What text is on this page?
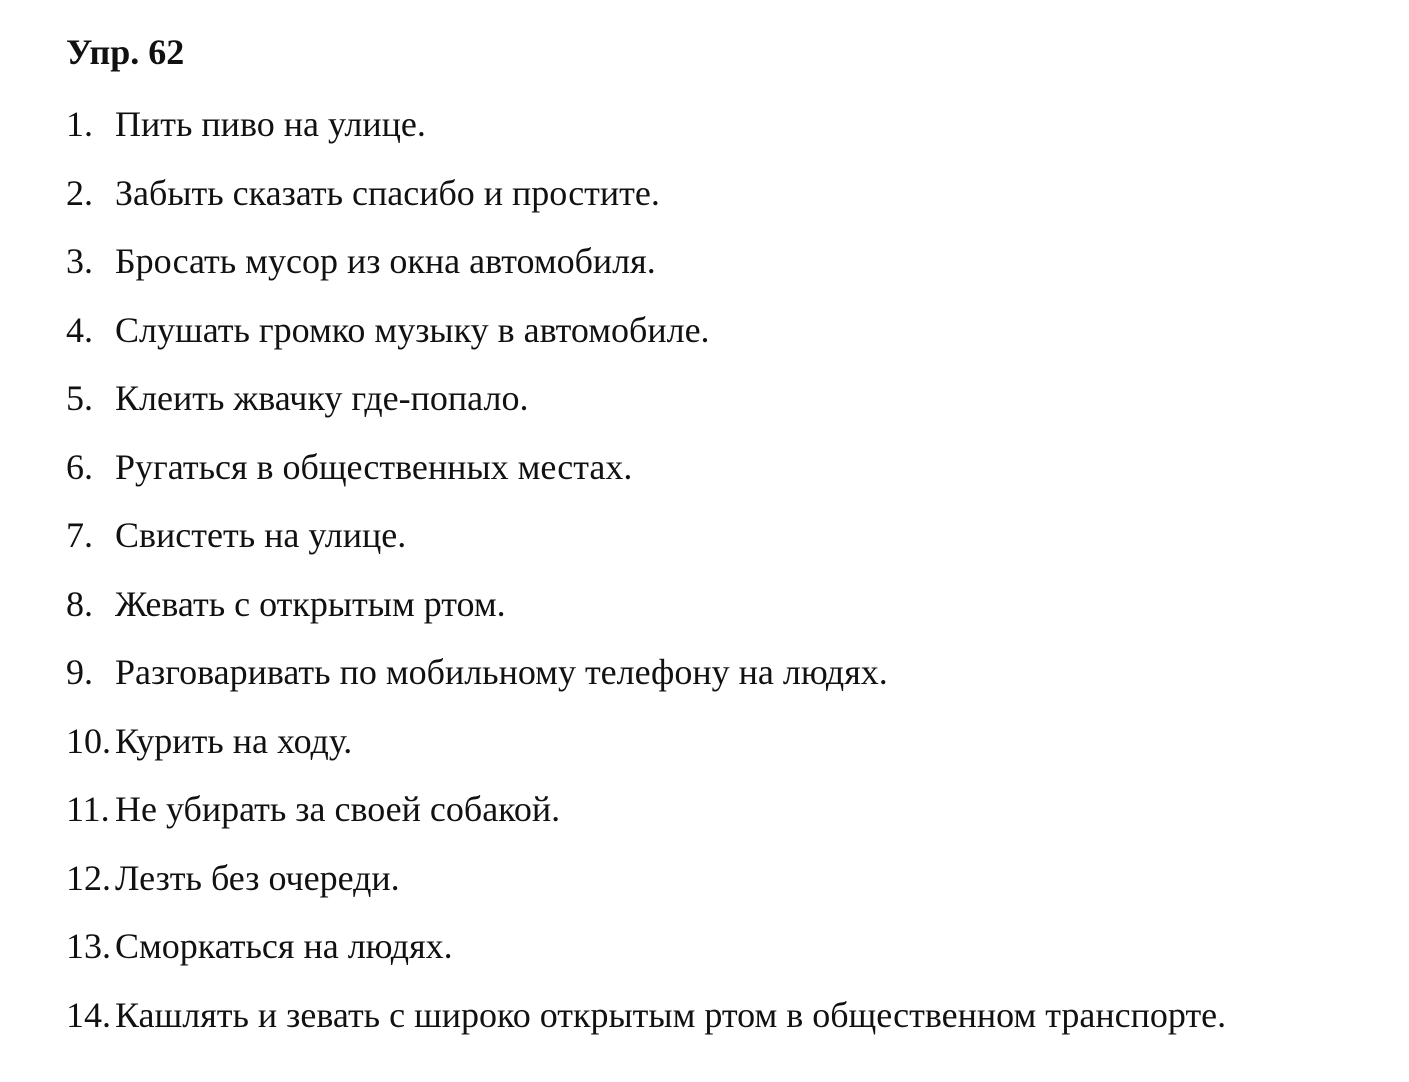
Упр. 62
1. Пить пиво на улице.
2. Забыть сказать спасибо и простите.
3. Бросать мусор из окна автомобиля.
4. Слушать громко музыку в автомобиле.
5. Клеить жвачку где-попало.
6. Ругаться в общественных местах.
7. Свистеть на улице.
8. Жевать с открытым ртом.
9. Разговаривать по мобильному телефону на людях.
10. Курить на ходу.
11. Не убирать за своей собакой.
12. Лезть без очереди.
13. Сморкаться на людях.
14. Кашлять и зевать с широко открытым ртом в общественном транспорте.
